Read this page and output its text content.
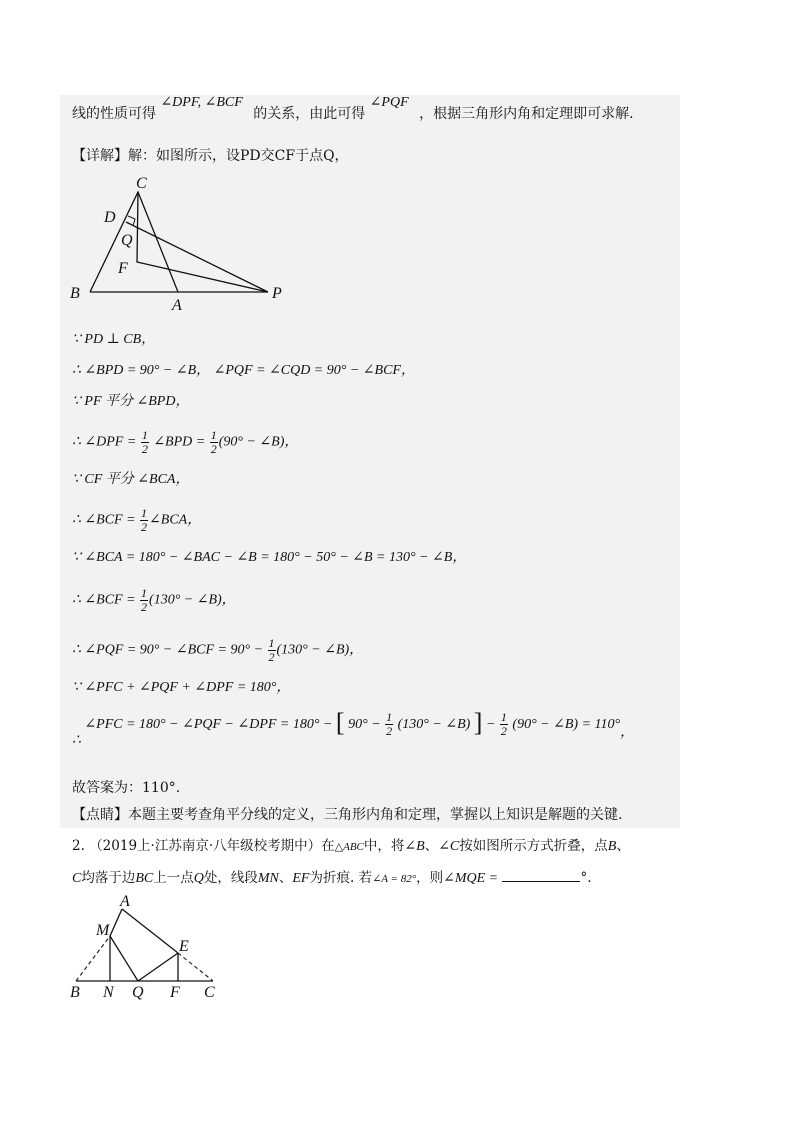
线的性质可得 ∠DPF, ∠BCF 的关系，由此可得 ∠PQF ，根据三角形内角和定理即可求解.
【详解】解：如图所示，设PD交CF于点Q，
C
D
Q
F
B
A
P
∵ PD ⊥ CB，
∴ ∠BPD = 90° − ∠B， ∠PQF = ∠CQD = 90° − ∠BCF，
∵ PF 平分 ∠BPD，
∴ ∠DPF = $\frac{1}{2}$ ∠BPD = $\frac{1}{2} (90^\circ$ − ∠B)，
∵ CF 平分 ∠BCA，
∴ ∠BCF = $\frac{1}{2}$ ∠BCA，
∵ ∠BCA = 180° − ∠BAC − ∠B = 180° − 50° − ∠B = 130° − ∠B，
∴ ∠BCF = $\frac{1}{2} (130^\circ$ − ∠B)，
∴ ∠PQF = 90° − ∠BCF = $90^\circ - \frac{1}{2} (130^\circ$ − ∠B)，
∵ ∠PFC + ∠PQF + ∠DPF = 180°，
∴ ∠PFC = 180° − ∠PQF − ∠DPF = 180° − [ $90^\circ - \frac{1}{2} (130^\circ$ − ∠B) ] − $\frac{1}{2} (90^\circ$ − ∠B) = 110°，
故答案为：110°.
【点睛】本题主要考查角平分线的定义，三角形内角和定理，掌握以上知识是解题的关键.
2. （2019上·江苏南京·八年级校考期中）在△ABC中，将∠B、∠C按如图所示方式折叠，点B、
C均落于边BC上一点Q处，线段MN、EF为折痕. 若∠A = 82°，则∠MQE =	°.
A
M
E
B N Q F C
